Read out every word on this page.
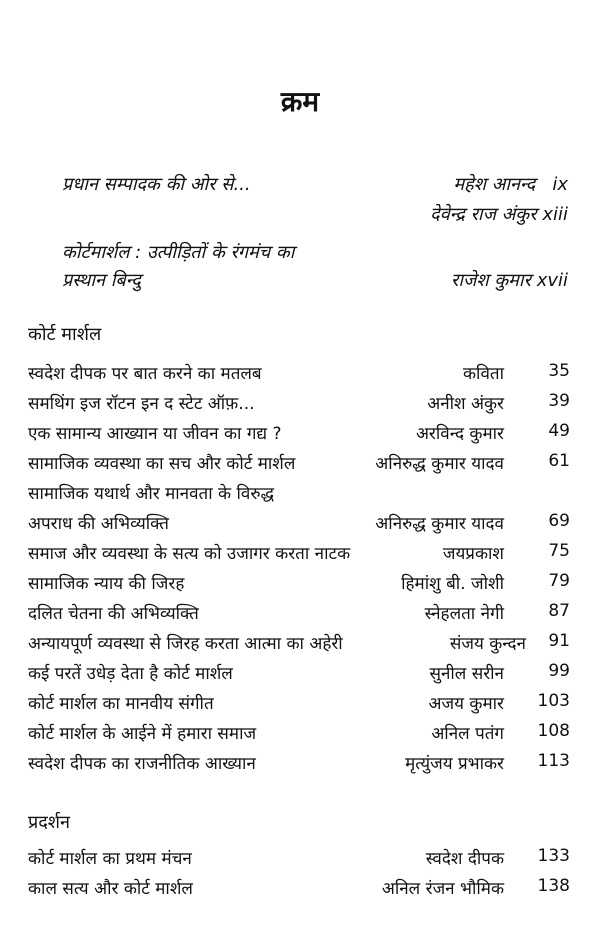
क्रम
प्रधान सम्पादक की ओर से...	महेश आनन्द ix
देवेन्द्र राज अंकुर xiii
कोर्टमार्शल : उत्पीड़ितों के रंगमंच का
प्रस्थान बिन्दु	राजेश कुमार xvii
कोर्ट मार्शल
स्वदेश दीपक पर बात करने का मतलब	कविता	35
समथिंग इज रॉटन इन द स्टेट ऑफ़...	अनीश अंकुर	39
एक सामान्य आख्यान या जीवन का गद्य ?	अरविन्द कुमार	49
सामाजिक व्यवस्था का सच और कोर्ट मार्शल	अनिरुद्ध कुमार यादव	61
सामाजिक यथार्थ और मानवता के विरुद्ध
अपराध की अभिव्यक्ति	अनिरुद्ध कुमार यादव	69
समाज और व्यवस्था के सत्य को उजागर करता नाटक	जयप्रकाश	75
सामाजिक न्याय की जिरह	हिमांशु बी. जोशी	79
दलित चेतना की अभिव्यक्ति	स्नेहलता नेगी	87
अन्यायपूर्ण व्यवस्था से जिरह करता आत्मा का अहेरी	संजय कुन्दन 91
कई परतें उधेड़ देता है कोर्ट मार्शल	सुनील सरीन	99
कोर्ट मार्शल का मानवीय संगीत	अजय कुमार 103
कोर्ट मार्शल के आईने में हमारा समाज	अनिल पतंग 108
स्वदेश दीपक का राजनीतिक आख्यान	मृत्युंजय प्रभाकर 113
प्रदर्शन
कोर्ट मार्शल का प्रथम मंचन	स्वदेश दीपक 133
काल सत्य और कोर्ट मार्शल	अनिल रंजन भौमिक 138
